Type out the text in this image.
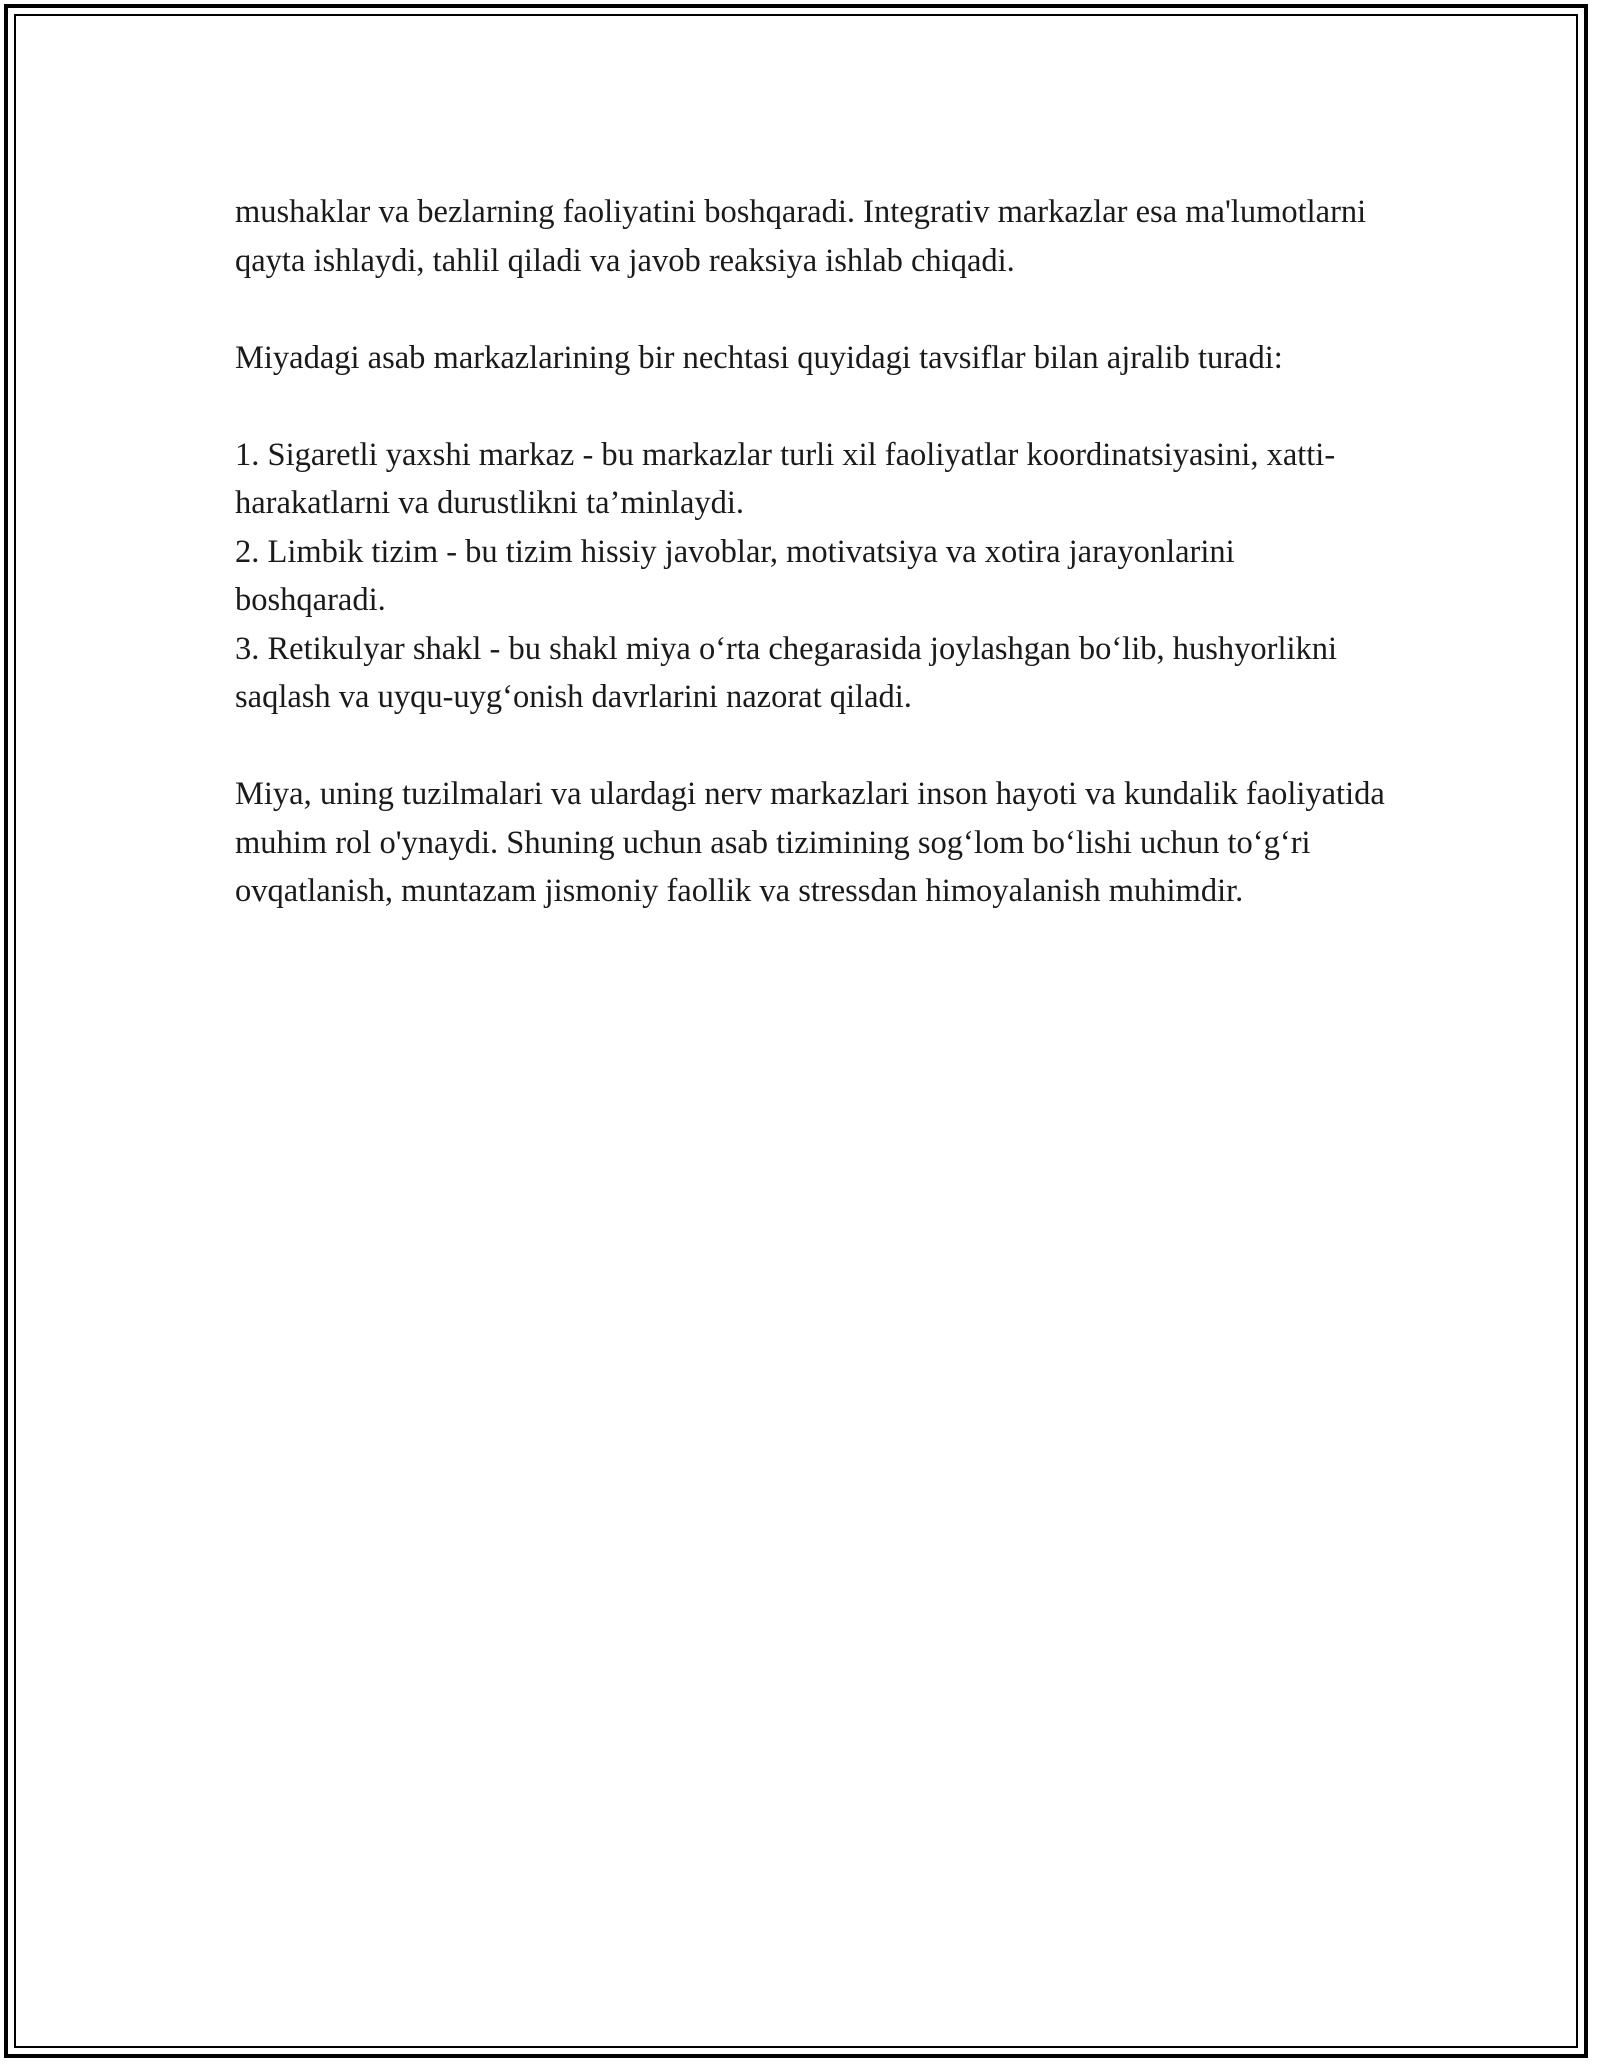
mushaklar va bezlarning faoliyatini boshqaradi. Integrativ markazlar esa ma'lumotlarni qayta ishlaydi, tahlil qiladi va javob reaksiya ishlab chiqadi.

Miyadagi asab markazlarining bir nechtasi quyidagi tavsiflar bilan ajralib turadi:

1. Sigaretli yaxshi markaz - bu markazlar turli xil faoliyatlar koordinatsiyasini, xatti-harakatlarni va durustlikni ta’minlaydi.

2. Limbik tizim - bu tizim hissiy javoblar, motivatsiya va xotira jarayonlarini boshqaradi.

3. Retikulyar shakl - bu shakl miya o‘rta chegarasida joylashgan bo‘lib, hushyorlikni saqlash va uyqu-uyg‘onish davrlarini nazorat qiladi.

Miya, uning tuzilmalari va ulardagi nerv markazlari inson hayoti va kundalik faoliyatida muhim rol o'ynaydi. Shuning uchun asab tizimining sog‘lom bo‘lishi uchun to‘g‘ri ovqatlanish, muntazam jismoniy faollik va stressdan himoyalanish muhimdir.
